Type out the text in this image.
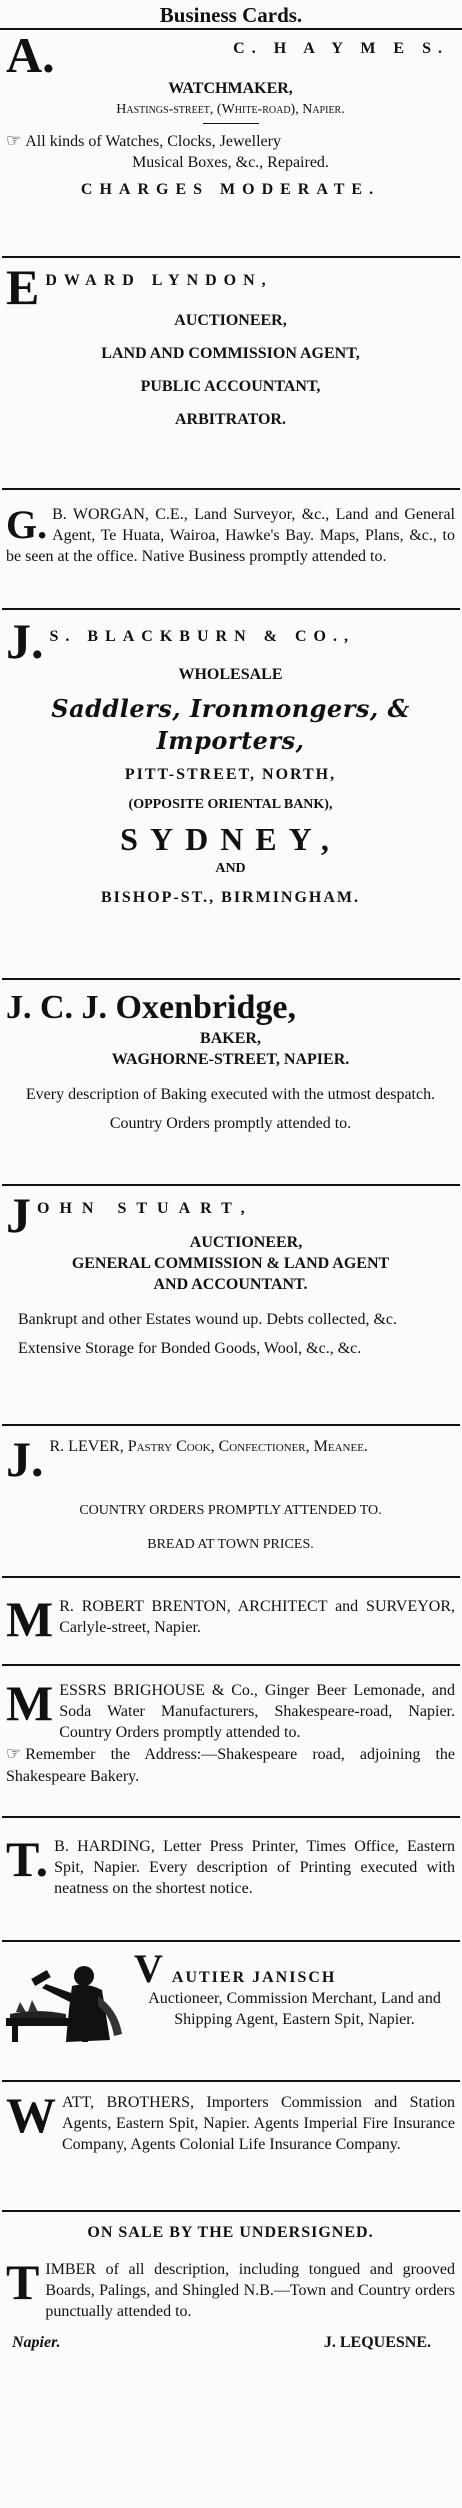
Business Cards.
A.	C. H A Y M E S.
WATCHMAKER,
Hastings-street, (White-road), Napier.
☞ All kinds of Watches, Clocks, Jewellery
Musical Boxes, &c., Repaired.
CHARGES MODERATE.
E DWARD LYNDON,
AUCTIONEER,
LAND AND COMMISSION AGENT,
PUBLIC ACCOUNTANT,
ARBITRATOR.
G. B. WORGAN, C.E., Land Surveyor, &c., Land and General Agent, Te Huata, Wairoa, Hawke's Bay. Maps, Plans, &c., to be seen at the office. Native Business promptly attended to.
J. S. BLACKBURN & CO.,
WHOLESALE
Saddlers, Ironmongers, & Importers,
PITT-STREET, NORTH,
(OPPOSITE ORIENTAL BANK),
SYDNEY,
AND
BISHOP-ST., BIRMINGHAM.
J. C. J. Oxenbridge,
BAKER,
WAGHORNE-STREET, NAPIER.
Every description of Baking executed with the utmost despatch.
Country Orders promptly attended to.
J OHN STUART,
AUCTIONEER,
GENERAL COMMISSION & LAND AGENT
AND ACCOUNTANT.
Bankrupt and other Estates wound up. Debts collected, &c.
Extensive Storage for Bonded Goods, Wool, &c., &c.
J. R. LEVER, Pastry Cook, Confectioner, Meanee.
COUNTRY ORDERS PROMPTLY ATTENDED TO.
BREAD AT TOWN PRICES.
M R. ROBERT BRENTON, ARCHITECT and SURVEYOR, Carlyle-street, Napier.
M ESSRS BRIGHOUSE & Co., Ginger Beer Lemonade, and Soda Water Manufacturers, Shakespeare-road, Napier. Country Orders promptly attended to.
☞ Remember the Address:—Shakespeare road, adjoining the Shakespeare Bakery.
T. B. HARDING, Letter Press Printer, Times Office, Eastern Spit, Napier. Every description of Printing executed with neatness on the shortest notice.
V AUTIER JANISCH
Auctioneer, Commission Merchant, Land and Shipping Agent, Eastern Spit, Napier.
W ATT, BROTHERS, Importers Commission and Station Agents, Eastern Spit, Napier. Agents Imperial Fire Insurance Company, Agents Colonial Life Insurance Company.
ON SALE BY THE UNDERSIGNED.
T IMBER of all description, including tongued and grooved Boards, Palings, and Shingled N.B.—Town and Country orders punctually attended to.
Napier.	J. LEQUESNE.
